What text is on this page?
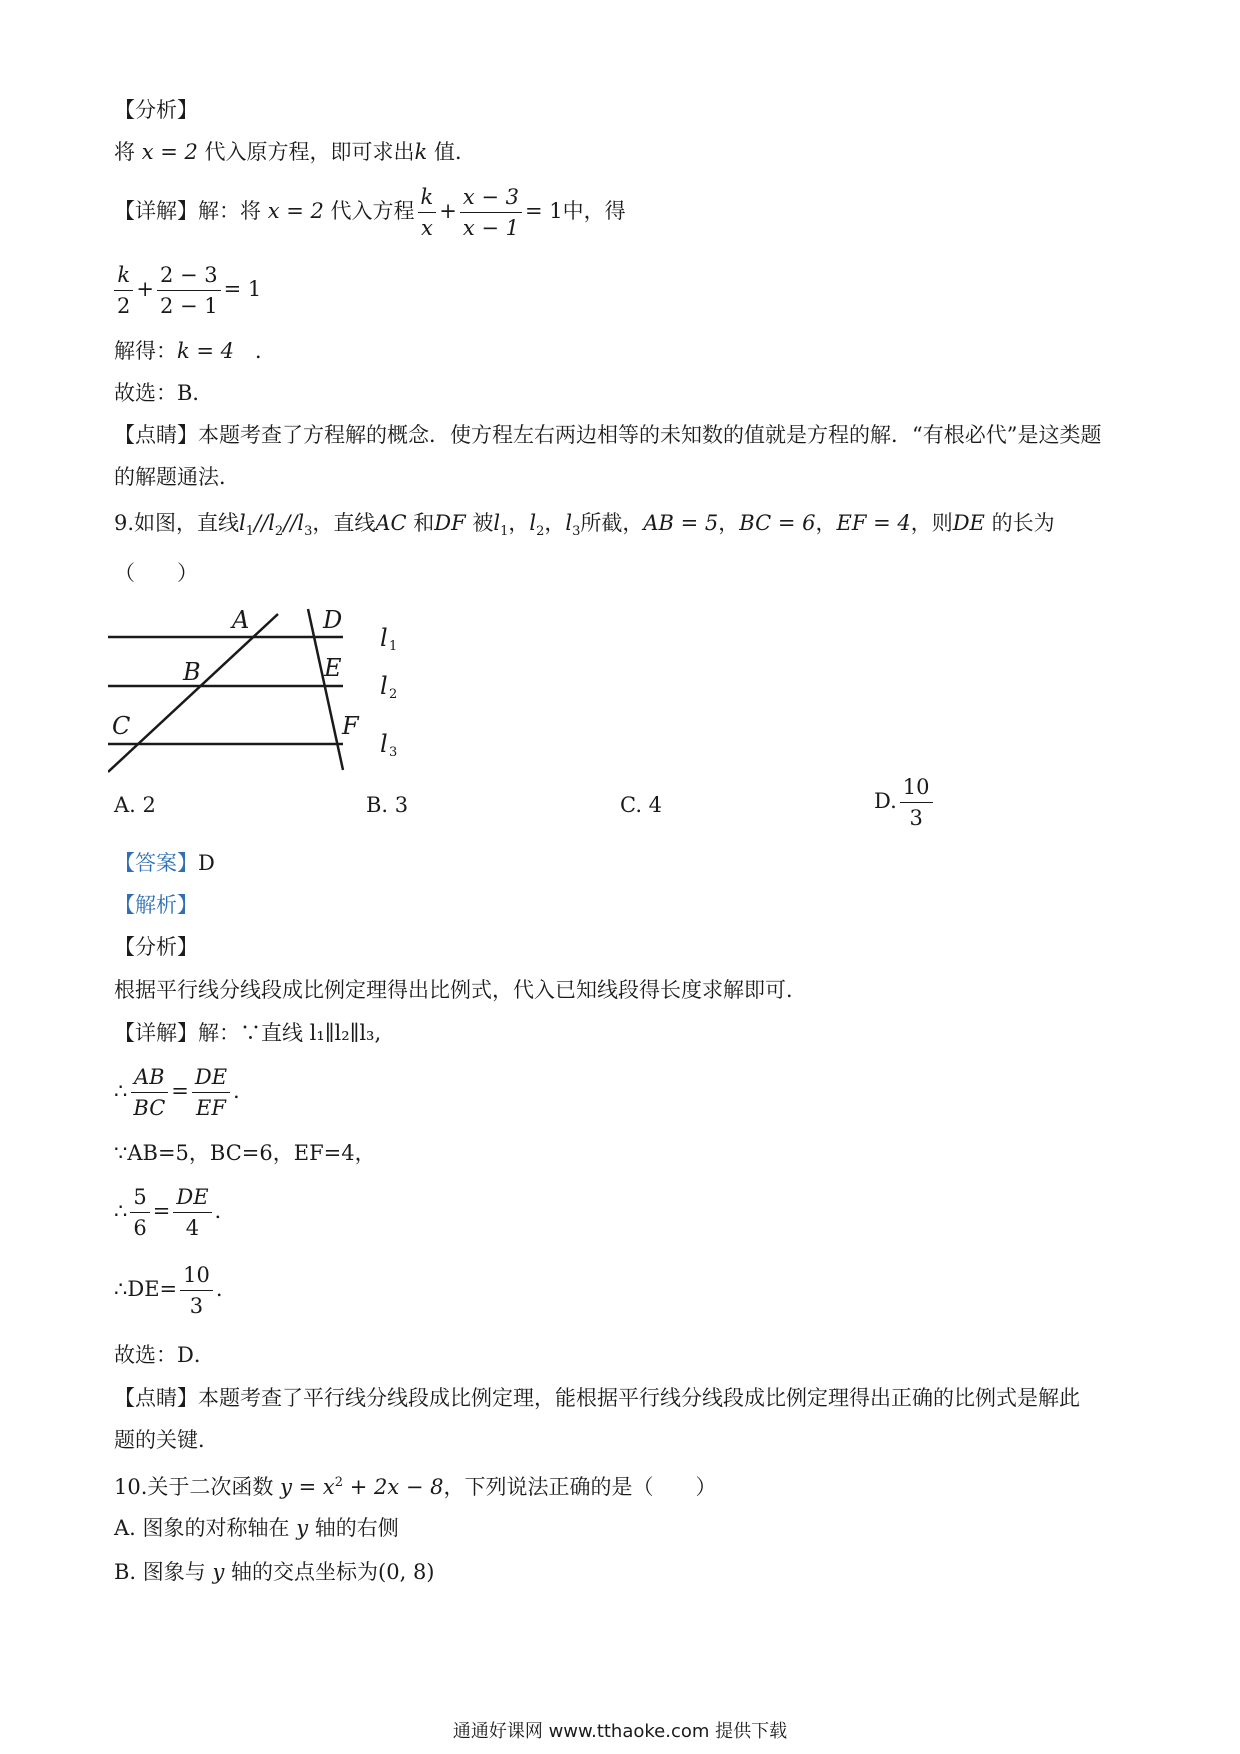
【分析】
将 x = 2 代入原方程，即可求出k 值．
【详解】解：将 x = 2 代入方程 $\frac{k}{x} + \frac{x - 3}{x - 1} = 1$中，得
$\frac{k}{2} + \frac{2 - 3}{2 - 1} = 1$
解得：k = 4　 ．
故选：B．
【点睛】本题考查了方程解的概念．使方程左右两边相等的未知数的值就是方程的解．“有根必代”是这类题
的解题通法．
9.如图，直线$l_1//l_2//l_3$，直线AC 和DF 被$l_1$，$l_2$，$l_3$所截，AB = 5，BC = 6，EF = 4，则DE 的长为
（　　）
A
B
C
D
E
F
l
l
l
1
2
3
A. 2	B. 3	C. 4	D. $\frac{10}{3}$
【答案】D
【解析】
【分析】
根据平行线分线段成比例定理得出比例式，代入已知线段得长度求解即可．
【详解】解：∵直线 l₁∥l₂∥l₃,
∴ $\frac{AB}{BC} = \frac{DE}{EF}$ .
∵AB=5，BC=6，EF=4，
∴ $\frac{5}{6} = \frac{DE}{4}$ .
∴DE= $\frac{10}{3}$ .
故选：D．
【点睛】本题考查了平行线分线段成比例定理，能根据平行线分线段成比例定理得出正确的比例式是解此
题的关键．
10.关于二次函数 $y = x^2 + 2x - 8$，下列说法正确的是（　　）
A. 图象的对称轴在 y 轴的右侧
B. 图象与 y 轴的交点坐标为(0, 8)
通通好课网 www.tthaoke.com 提供下载
